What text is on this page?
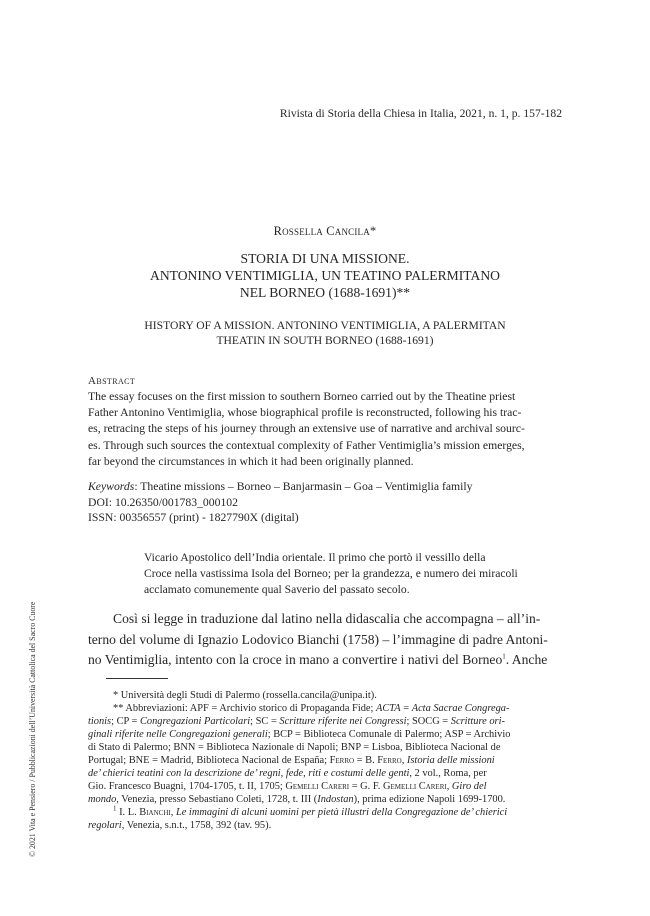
Rivista di Storia della Chiesa in Italia, 2021, n. 1, p. 157-182
Rossella Cancila*
STORIA DI UNA MISSIONE.
ANTONINO VENTIMIGLIA, UN TEATINO PALERMITANO
NEL BORNEO (1688-1691)**
HISTORY OF A MISSION. ANTONINO VENTIMIGLIA, A PALERMITAN
THEATIN IN SOUTH BORNEO (1688-1691)
Abstract
The essay focuses on the first mission to southern Borneo carried out by the Theatine priest
Father Antonino Ventimiglia, whose biographical profile is reconstructed, following his trac-
es, retracing the steps of his journey through an extensive use of narrative and archival sourc-
es. Through such sources the contextual complexity of Father Ventimiglia’s mission emerges,
far beyond the circumstances in which it had been originally planned.
Keywords: Theatine missions – Borneo – Banjarmasin – Goa – Ventimiglia family
DOI: 10.26350/001783_000102
ISSN: 00356557 (print) - 1827790X (digital)
Vicario Apostolico dell’India orientale. Il primo che portò il vessillo della
Croce nella vastissima Isola del Borneo; per la grandezza, e numero dei miracoli
acclamato comunemente qual Saverio del passato secolo.
Così si legge in traduzione dal latino nella didascalia che accompagna – all’in-
terno del volume di Ignazio Lodovico Bianchi (1758) – l’immagine di padre Antoni-
no Ventimiglia, intento con la croce in mano a convertire i nativi del Borneo$^1$. Anche
* Università degli Studi di Palermo (rossella.cancila@unipa.it).
** Abbreviazioni: APF = Archivio storico di Propaganda Fide; ACTA = Acta Sacrae Congrega-
tionis; CP = Congregazioni Particolari; SC = Scritture riferite nei Congressi; SOCG = Scritture ori-
ginali riferite nelle Congregazioni generali; BCP = Biblioteca Comunale di Palermo; ASP = Archivio
di Stato di Palermo; BNN = Biblioteca Nazionale di Napoli; BNP = Lisboa, Biblioteca Nacional de
Portugal; BNE = Madrid, Biblioteca Nacional de España; Ferro = B. Ferro, Istoria delle missioni
de’ chierici teatini con la descrizione de’ regni, fede, riti e costumi delle genti, 2 vol., Roma, per
Gio. Francesco Buagni, 1704-1705, t. II, 1705; Gemelli Careri = G. F. Gemelli Careri, Giro del
mondo, Venezia, presso Sebastiano Coleti, 1728, t. III (Indostan), prima edizione Napoli 1699-1700.
$^1$ I. L. Bianchi, Le immagini di alcuni uomini per pietà illustri della Congregazione de’ chierici
regolari, Venezia, s.n.t., 1758, 392 (tav. 95).
© 2021 Vita e Pensiero / Pubblicazioni dell’Università Cattolica del Sacro Cuore
